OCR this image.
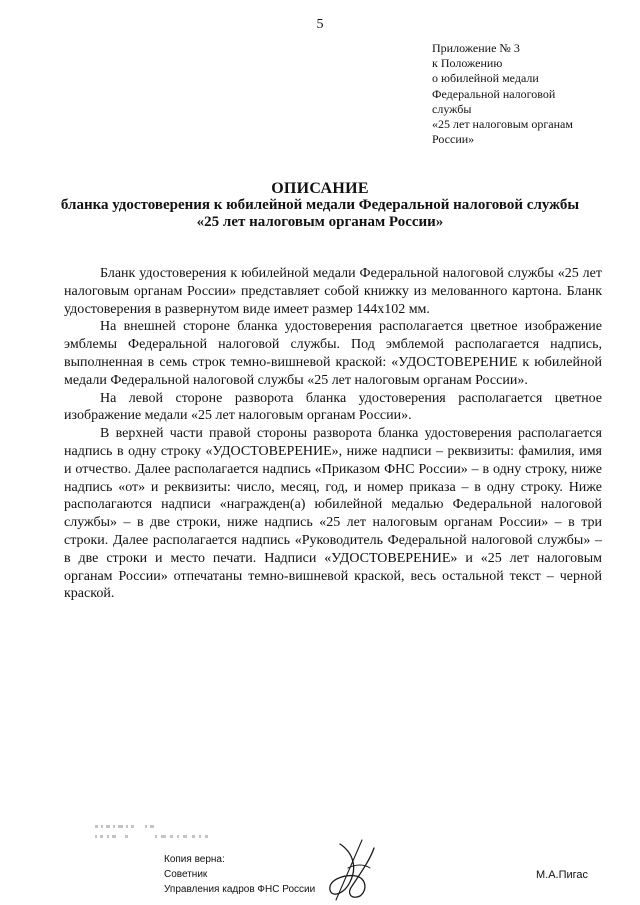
5
Приложение № 3
к Положению
о юбилейной медали
Федеральной налоговой
службы
«25 лет налоговым органам
России»
ОПИСАНИЕ
бланка удостоверения к юбилейной медали Федеральной налоговой службы
«25 лет налоговым органам России»

Бланк удостоверения к юбилейной медали Федеральной налоговой службы «25 лет налоговым органам России» представляет собой книжку из мелованного картона. Бланк удостоверения в развернутом виде имеет размер 144х102 мм.

На внешней стороне бланка удостоверения располагается цветное изображение эмблемы Федеральной налоговой службы. Под эмблемой располагается надпись, выполненная в семь строк темно-вишневой краской: «УДОСТОВЕРЕНИЕ к юбилейной медали Федеральной налоговой службы «25 лет налоговым органам России».

На левой стороне разворота бланка удостоверения располагается цветное изображение медали «25 лет налоговым органам России».

В верхней части правой стороны разворота бланка удостоверения располагается надпись в одну строку «УДОСТОВЕРЕНИЕ», ниже надписи – реквизиты: фамилия, имя и отчество. Далее располагается надпись «Приказом ФНС России» – в одну строку, ниже надпись «от» и реквизиты: число, месяц, год, и номер приказа – в одну строку. Ниже располагаются надписи «награжден(а) юбилейной медалью Федеральной налоговой службы» – в две строки, ниже надпись «25 лет налоговым органам России» – в три строки. Далее располагается надпись «Руководитель Федеральной налоговой службы» – в две строки и место печати. Надписи «УДОСТОВЕРЕНИЕ» и «25 лет налоговым органам России» отпечатаны темно-вишневой краской, весь остальной текст – черной краской.

Копия верна:
Советник
Управления кадров ФНС России
М.А.Пигас
